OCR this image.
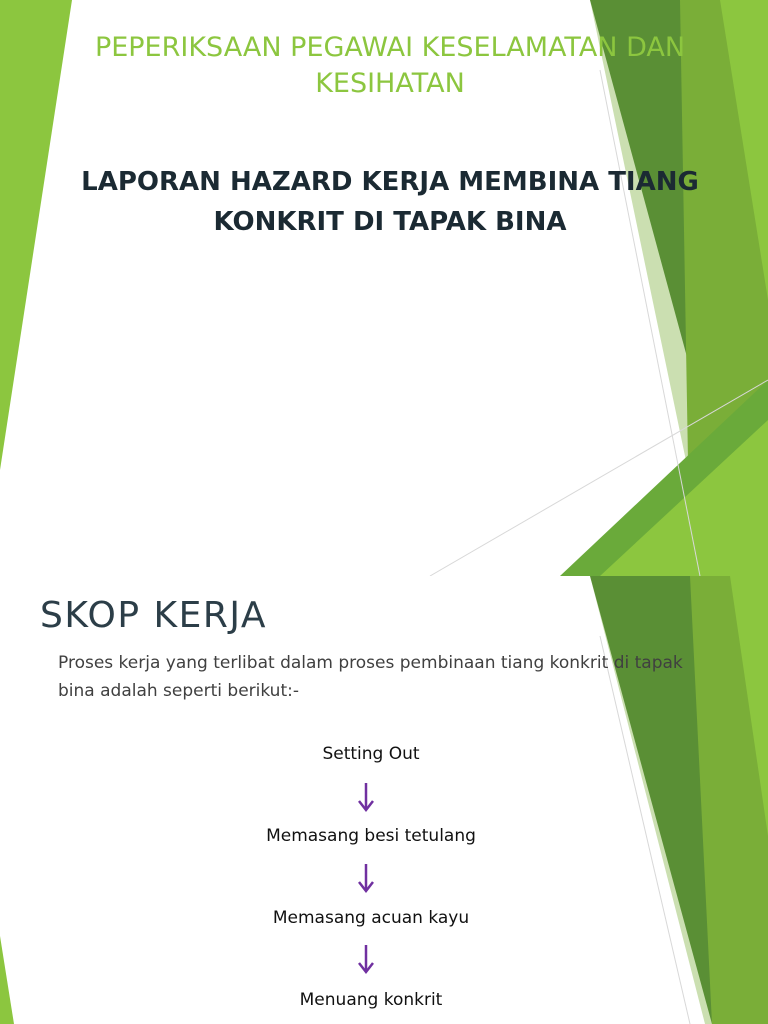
PEPERIKSAAN PEGAWAI KESELAMATAN DAN KESIHATAN

LAPORAN HAZARD KERJA MEMBINA TIANG KONKRIT DI TAPAK BINA

SKOP KERJA

Proses kerja yang terlibat dalam proses pembinaan tiang konkrit di tapak bina adalah seperti berikut:-

Setting Out
Memasang besi tetulang
Memasang acuan kayu
Menuang konkrit
